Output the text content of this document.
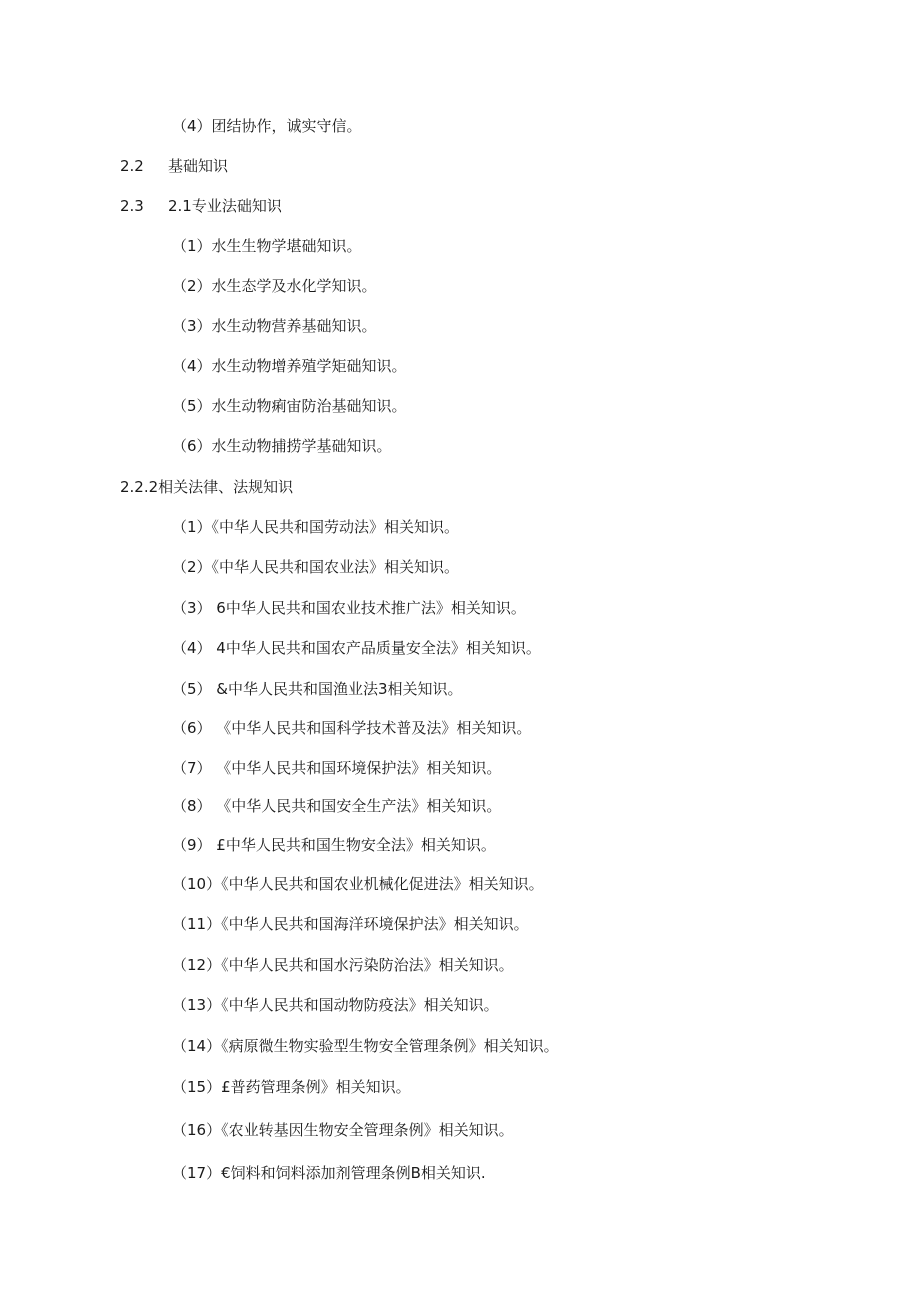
（4）团结协作，诚实守信。
2.2 基础知识
2.3 2.1专业法础知识
（1）水生生物学堪础知识。
（2）水生态学及水化学知识。
（3）水生动物营养基础知识。
（4）水生动物增养殖学矩础知识。
（5）水生动物痢宙防治基础知识。
（6）水生动物捕捞学基础知识。
2.2.2相关法律、法规知识
（1）《中华人民共和国劳动法》相关知识。
（2）《中华人民共和国农业法》相关知识。
（3） 6中华人民共和国农业技术推广法》相关知识。
（4） 4中华人民共和国农产品质量安全法》相关知识。
（5） &中华人民共和国渔业法3相关知识。
（6） 《中华人民共和国科学技术普及法》相关知识。
（7） 《中华人民共和国环境保护法》相关知识。
（8） 《中华人民共和国安全生产法》相关知识。
（9） £中华人民共和国生物安全法》相关知识。
（10）《中华人民共和国农业机械化促进法》相关知识。
（11）《中华人民共和国海洋环境保护法》相关知识。
（12）《中华人民共和国水污染防治法》相关知识。
（13）《中华人民共和国动物防疫法》相关知识。
（14）《病原微生物实验型生物安全管理条例》相关知识。
（15）£普药管理条例》相关知识。
（16）《农业转基因生物安全管理条例》相关知识。
（17）€饲料和饲料添加剂管理条例B相关知识.
